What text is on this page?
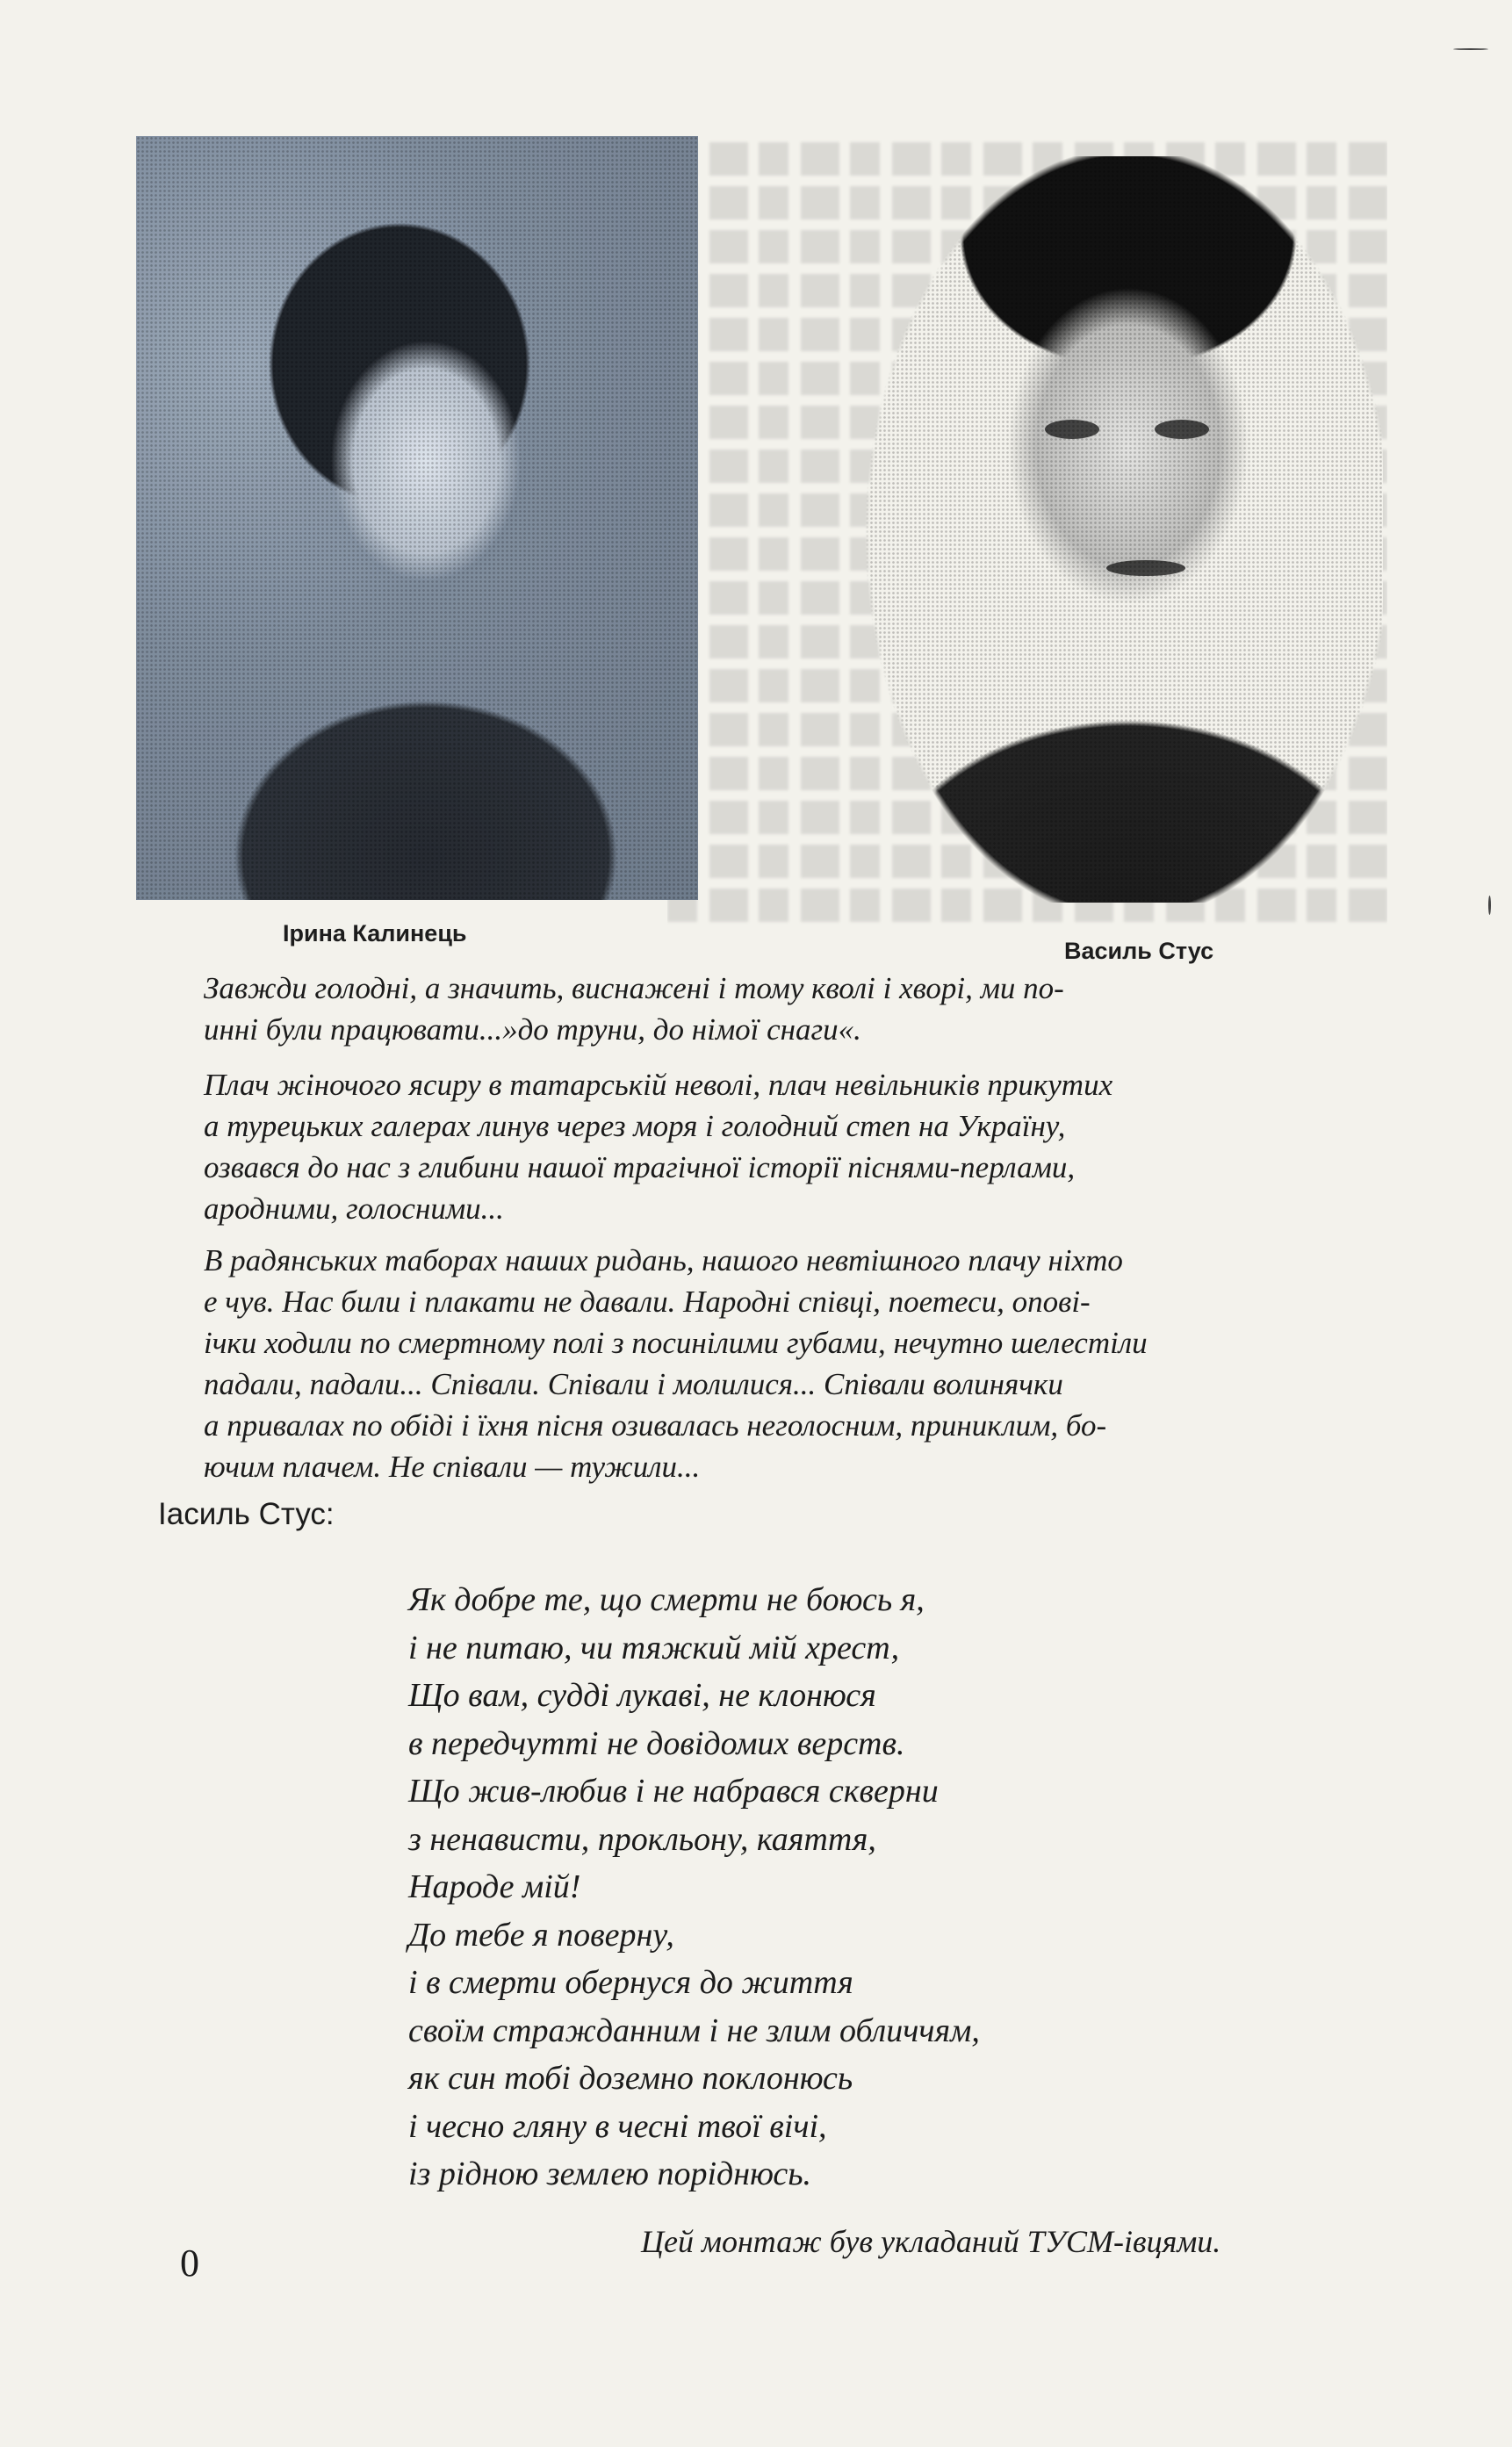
Ірина Калинець
Василь Стус
Завжди голодні, а значить, виснажені і тому кволі і хворі, ми по-
инні були працювати...»до труни, до німої снаги«.
Плач жіночого ясиру в татарській неволі, плач невільників прикутих
а турецьких галерах линув через моря і голодний степ на Україну,
озвався до нас з глибини нашої трагічної історії піснями-перлами,
ародними, голосними...
В радянських таборах наших ридань, нашого невтішного плачу ніхто
е чув. Нас били і плакати не давали. Народні співці, поетеси, опові-
ічки ходили по смертному полі з посинілими губами, нечутно шелестіли
падали, падали... Співали. Співали і молилися... Співали волинячки
а привалах по обіді і їхня пісня озивалась неголосним, приниклим, бо-
ючим плачем. Не співали — тужили...
Ӏасиль Стус:
Як добре те, що смерти не боюсь я,
і не питаю, чи тяжкий мій хрест,
Що вам, судді лукаві, не клонюся
в передчутті не довідомих верств.
Що жив-любив і не набрався скверни
з ненависти, прокльону, каяття,
Народе мій!
До тебе я поверну,
і в смерти обернуся до життя
своїм стражданним і не злим обличчям,
як син тобі доземно поклонюсь
і чесно гляну в чесні твої вічі,
із рідною землею поріднюсь.
0	Цей монтаж був укладаний ТУСМ-івцями.
